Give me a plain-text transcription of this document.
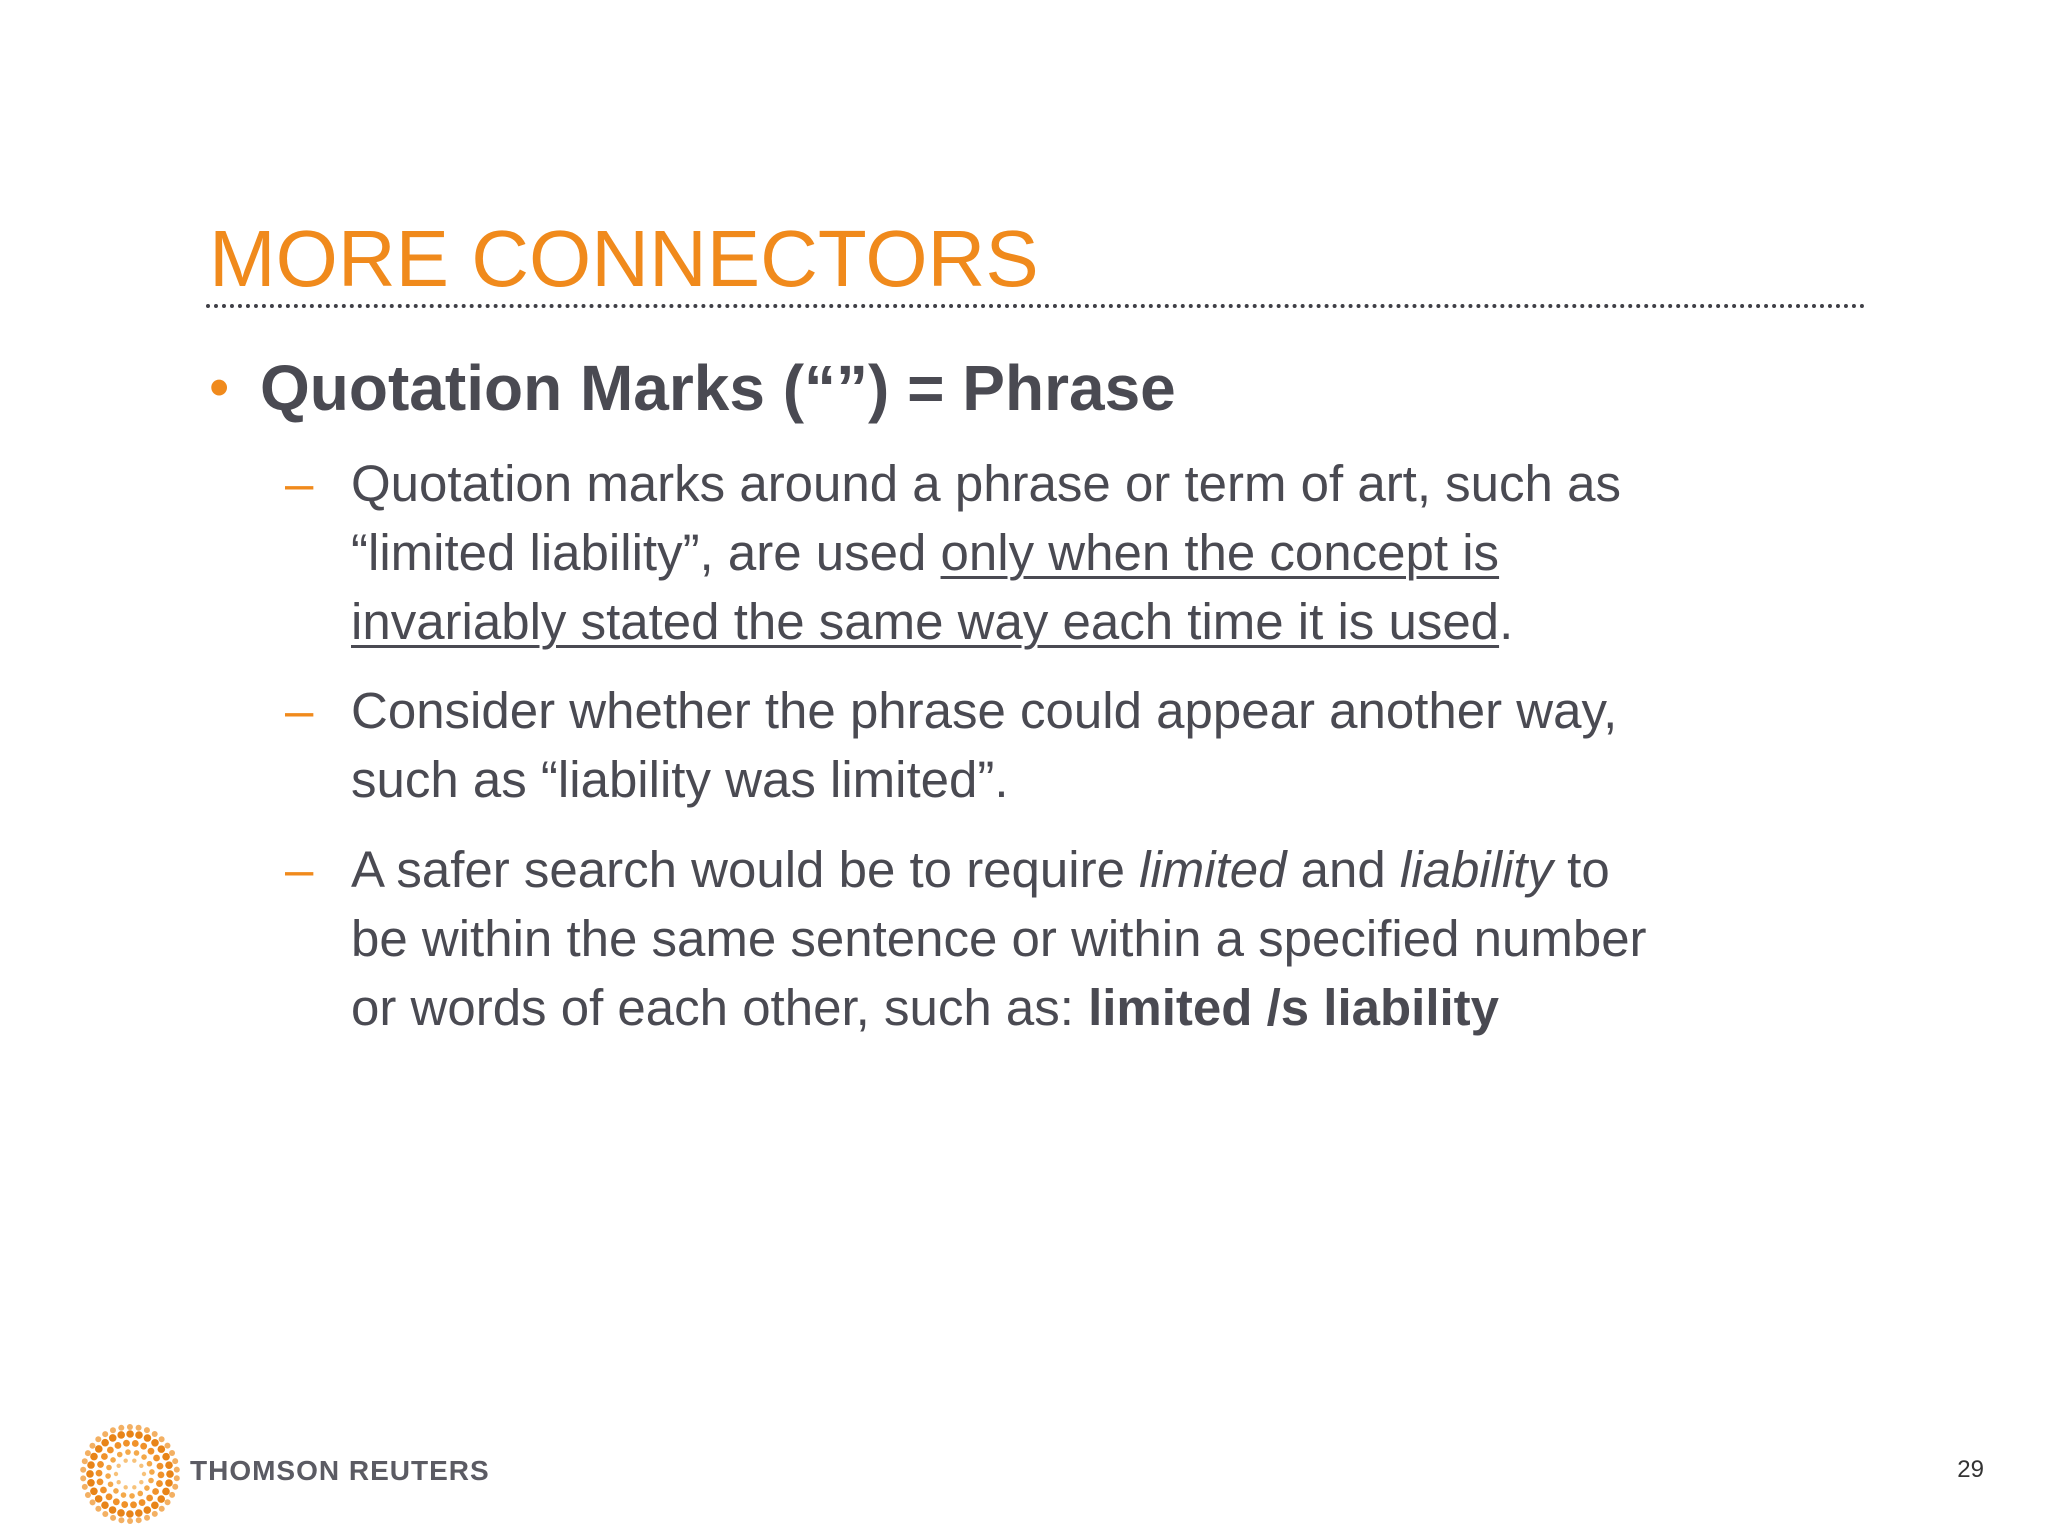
MORE CONNECTORS
• Quotation Marks (“”) = Phrase
– Quotation marks around a phrase or term of art, such as
“limited liability”, are used only when the concept is
invariably stated the same way each time it is used.
– Consider whether the phrase could appear another way,
such as “liability was limited”.
– A safer search would be to require limited and liability to
be within the same sentence or within a specified number
or words of each other, such as: limited /s liability
THOMSON REUTERS	29
